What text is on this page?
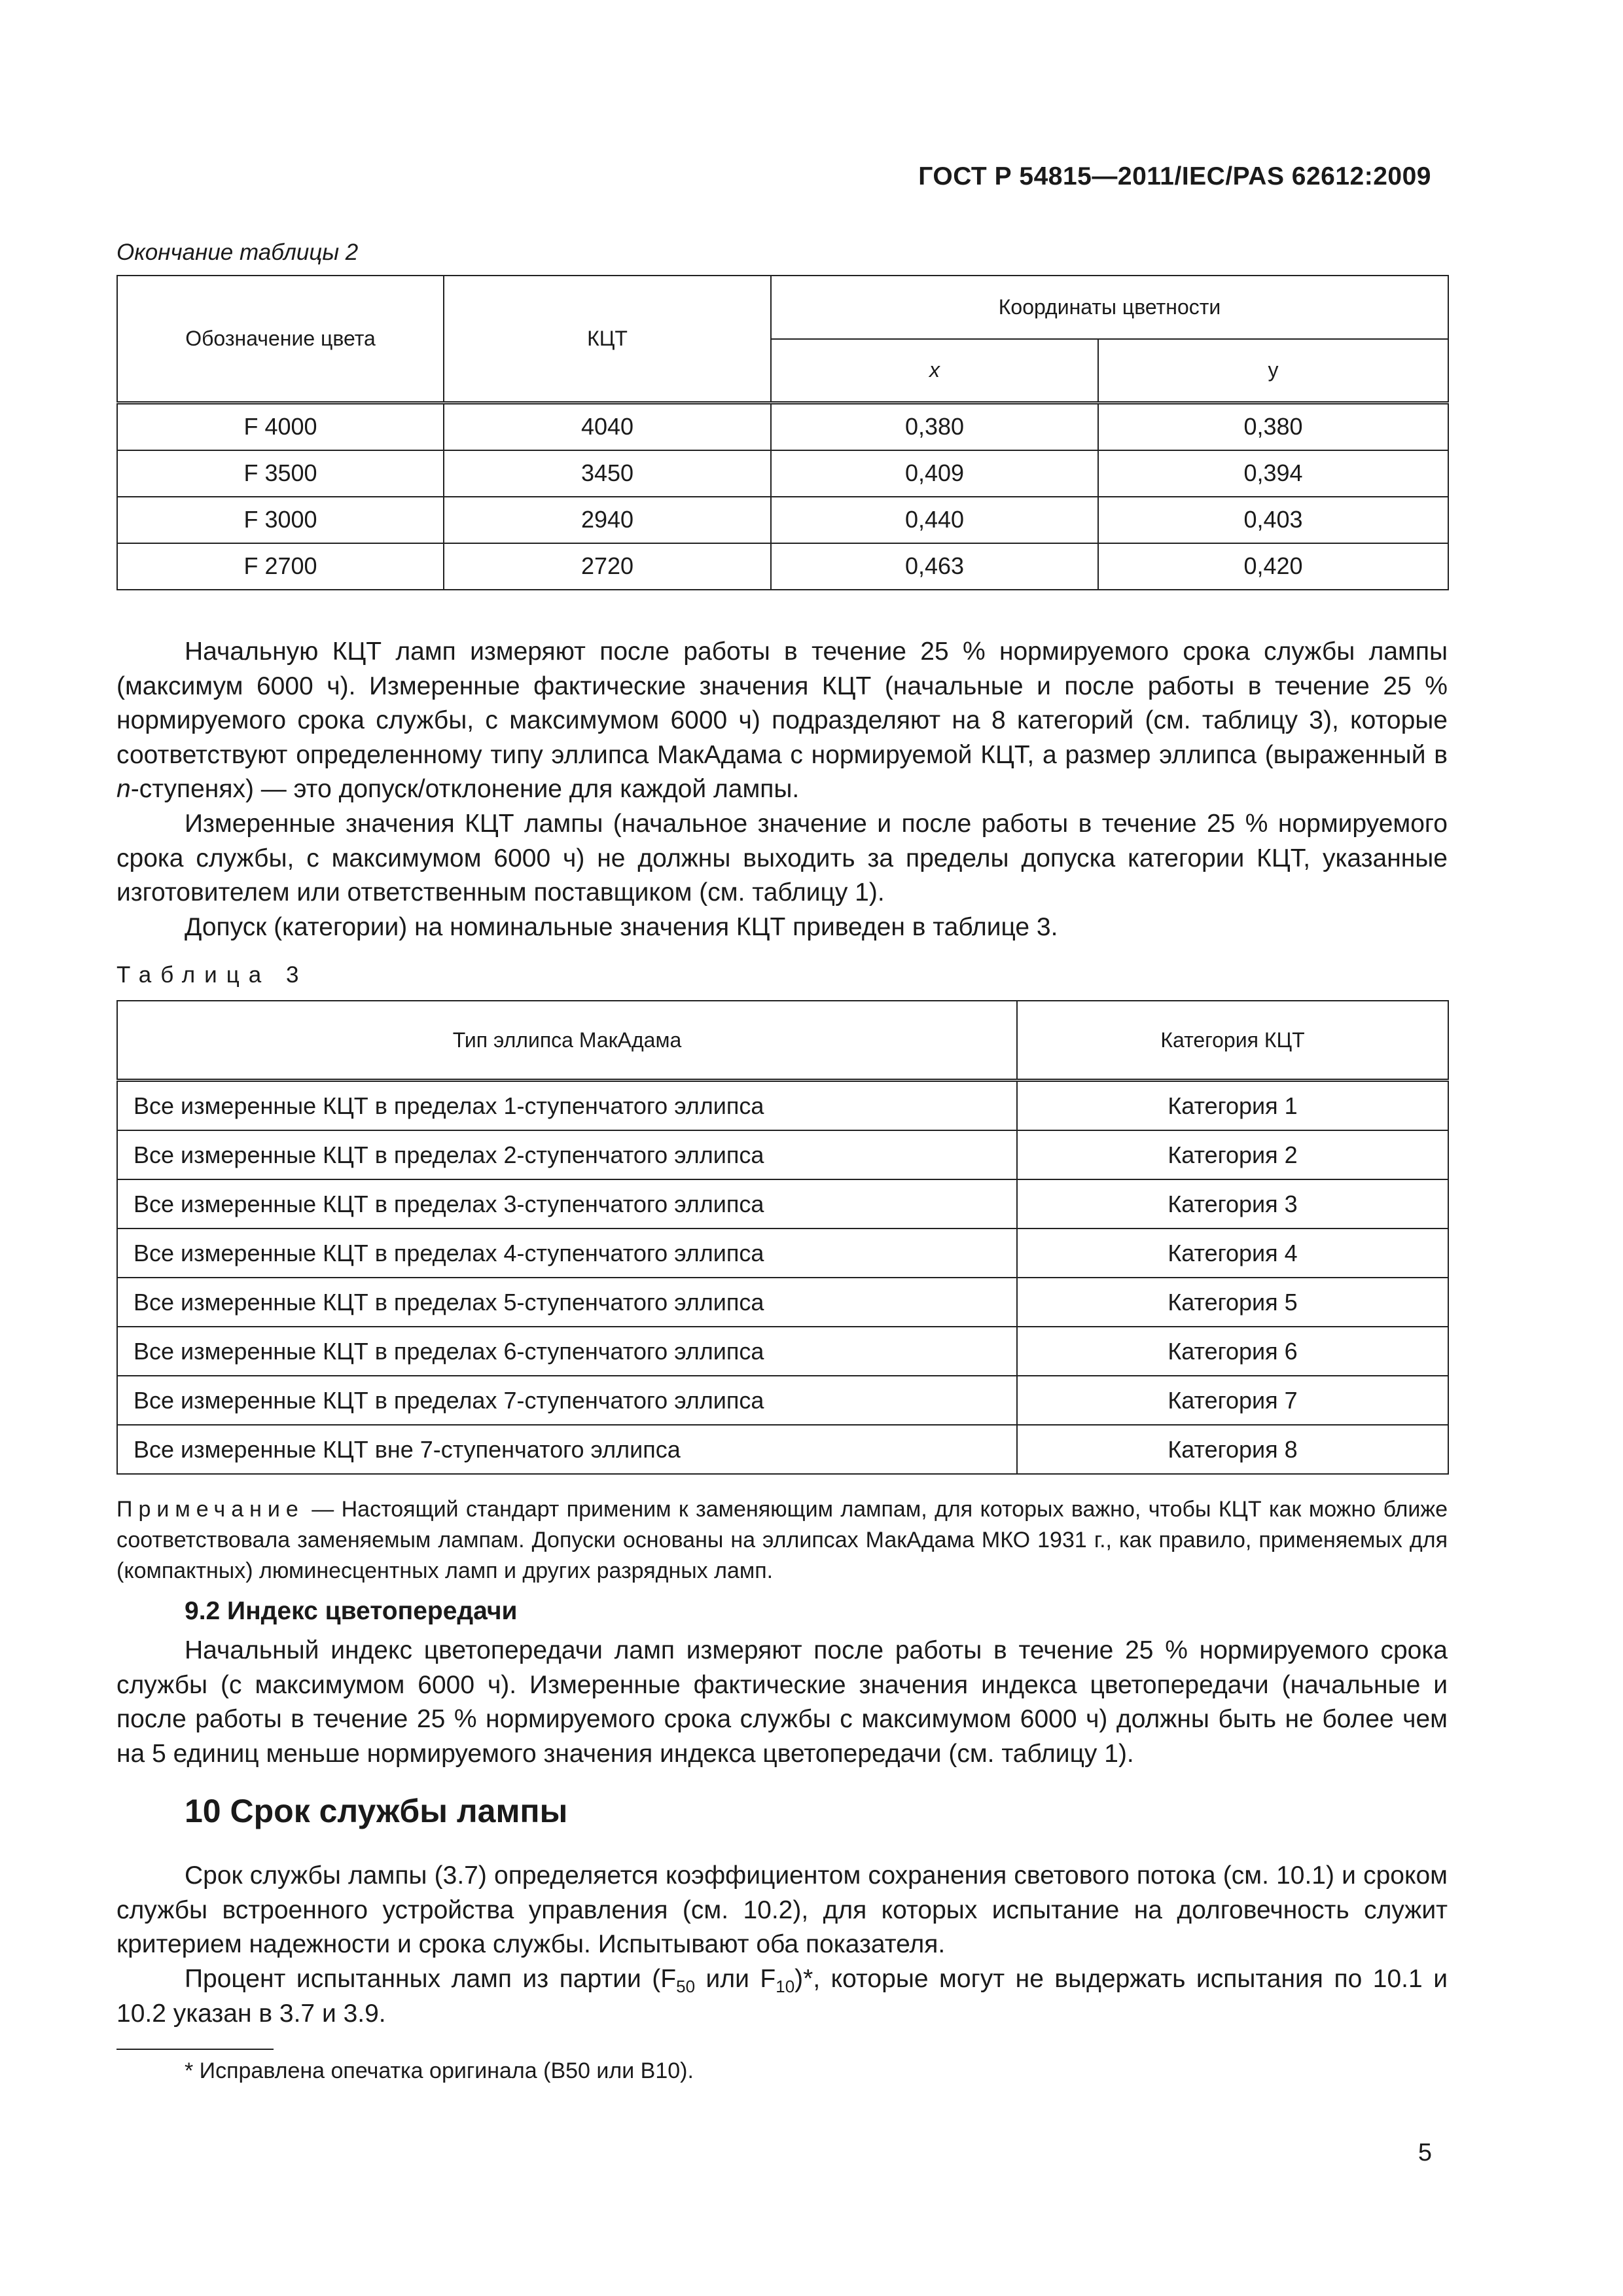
ГОСТ Р 54815—2011/IEC/PAS 62612:2009
Окончание таблицы 2
Обозначение цвета	КЦТ	Координаты цветности	
		x	y
F 4000	4040	0,380	0,380
F 3500	3450	0,409	0,394
F 3000	2940	0,440	0,403
F 2700	2720	0,463	0,420

Начальную КЦТ ламп измеряют после работы в течение 25 % нормируемого срока службы лампы (максимум 6000 ч). Измеренные фактические значения КЦТ (начальные и после работы в течение 25 % нормируемого срока службы, с максимумом 6000 ч) подразделяют на 8 категорий (см. таблицу 3), которые соответствуют определенному типу эллипса МакАдама с нормируемой КЦТ, а размер эллипса (выраженный в n-ступенях) — это допуск/отклонение для каждой лампы.

Измеренные значения КЦТ лампы (начальное значение и после работы в течение 25 % нормируемого срока службы, с максимумом 6000 ч) не должны выходить за пределы допуска категории КЦТ, указанные изготовителем или ответственным поставщиком (см. таблицу 1).

Допуск (категории) на номинальные значения КЦТ приведен в таблице 3.

Таблица 3
Тип эллипса МакАдама	Категория КЦТ
Все измеренные КЦТ в пределах 1-ступенчатого эллипса	Категория 1
Все измеренные КЦТ в пределах 2-ступенчатого эллипса	Категория 2
Все измеренные КЦТ в пределах 3-ступенчатого эллипса	Категория 3
Все измеренные КЦТ в пределах 4-ступенчатого эллипса	Категория 4
Все измеренные КЦТ в пределах 5-ступенчатого эллипса	Категория 5
Все измеренные КЦТ в пределах 6-ступенчатого эллипса	Категория 6
Все измеренные КЦТ в пределах 7-ступенчатого эллипса	Категория 7
Все измеренные КЦТ вне 7-ступенчатого эллипса	Категория 8
Примечание — Настоящий стандарт применим к заменяющим лампам, для которых важно, чтобы КЦТ как можно ближе соответствовала заменяемым лампам. Допуски основаны на эллипсах МакАдама МКО 1931 г., как правило, применяемых для (компактных) люминесцентных ламп и других разрядных ламп.
9.2 Индекс цветопередачи

Начальный индекс цветопередачи ламп измеряют после работы в течение 25 % нормируемого срока службы (с максимумом 6000 ч). Измеренные фактические значения индекса цветопередачи (начальные и после работы в течение 25 % нормируемого срока службы с максимумом 6000 ч) должны быть не более чем на 5 единиц меньше нормируемого значения индекса цветопередачи (см. таблицу 1).

10 Срок службы лампы

Срок службы лампы (3.7) определяется коэффициентом сохранения светового потока (см. 10.1) и сроком службы встроенного устройства управления (см. 10.2), для которых испытание на долговечность служит критерием надежности и срока службы. Испытывают оба показателя.

Процент испытанных ламп из партии ($F_{50}$ или $F_{10})*$, которые могут не выдержать испытания по 10.1 и 10.2 указан в 3.7 и 3.9.

* Исправлена опечатка оригинала (В50 или В10).
5
